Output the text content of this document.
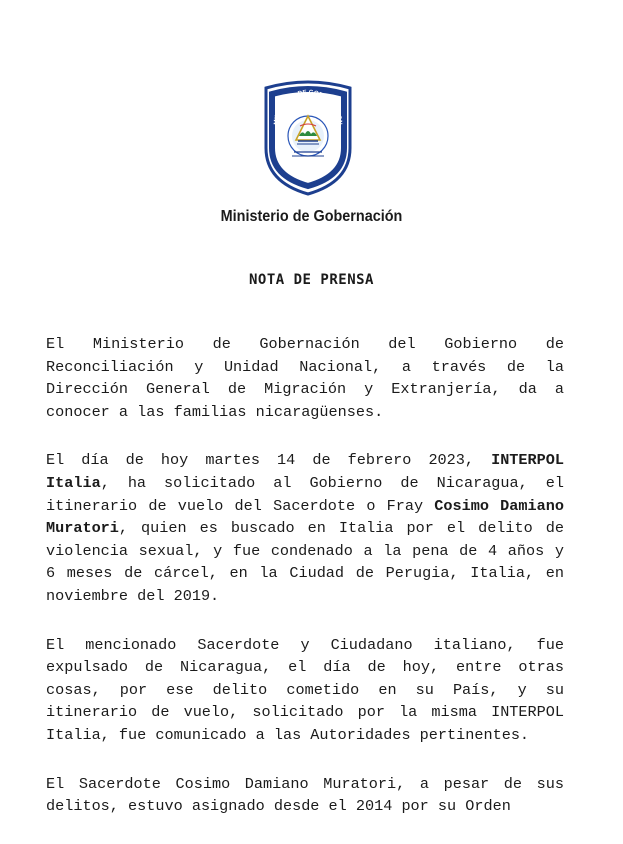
MINISTERIO DE GOBERNACION
NICARAGUA
Ministerio de Gobernación
NOTA DE PRENSA

El Ministerio de Gobernación del Gobierno de Reconciliación y Unidad Nacional, a través de la Dirección General de Migración y Extranjería, da a conocer a las familias nicaragüenses.

El día de hoy martes 14 de febrero 2023, INTERPOL Italia, ha solicitado al Gobierno de Nicaragua, el itinerario de vuelo del Sacerdote o Fray Cosimo Damiano Muratori, quien es buscado en Italia por el delito de violencia sexual, y fue condenado a la pena de 4 años y 6 meses de cárcel, en la Ciudad de Perugia, Italia, en noviembre del 2019.

El mencionado Sacerdote y Ciudadano italiano, fue expulsado de Nicaragua, el día de hoy, entre otras cosas, por ese delito cometido en su País, y su itinerario de vuelo, solicitado por la misma INTERPOL Italia, fue comunicado a las Autoridades pertinentes.

El Sacerdote Cosimo Damiano Muratori, a pesar de sus delitos, estuvo asignado desde el 2014 por su Orden
